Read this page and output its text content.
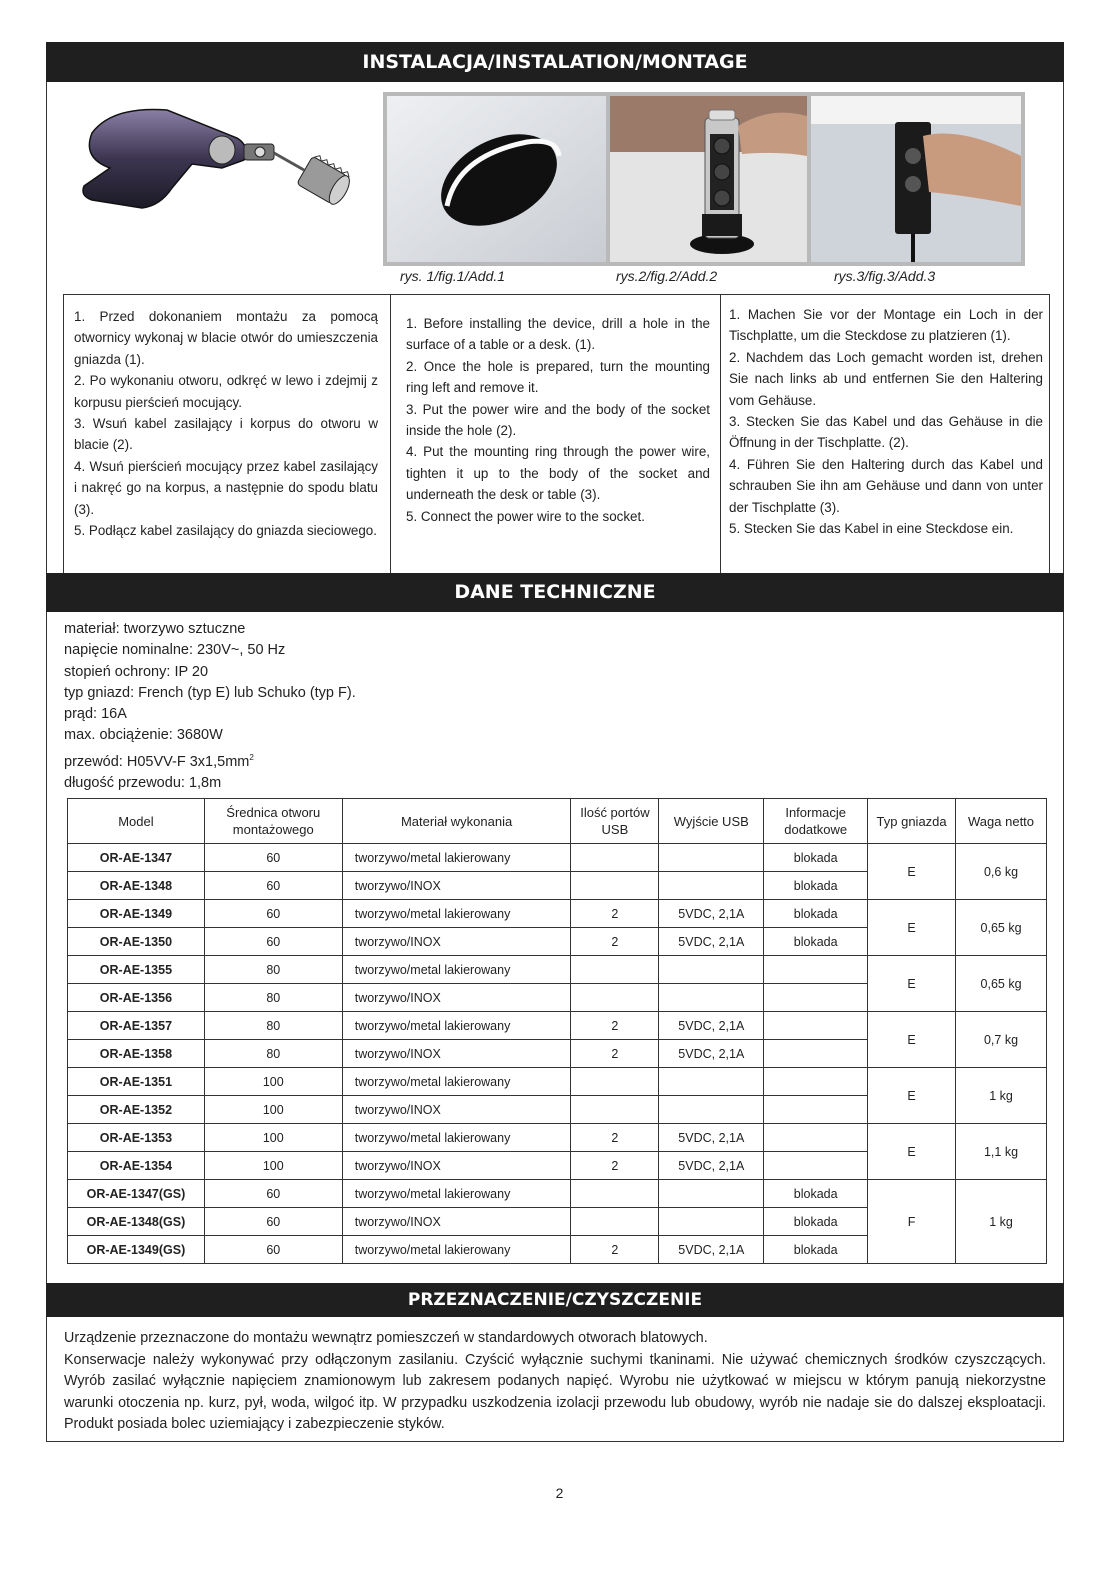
INSTALACJA/INSTALATION/MONTAGE
rys. 1/fig.1/Add.1	rys.2/fig.2/Add.2	rys.3/fig.3/Add.3

1. Przed dokonaniem montażu za pomocą otwornicy wykonaj w blacie otwór do umieszczenia gniazda (1).

2. Po wykonaniu otworu, odkręć w lewo i zdejmij z korpusu pierścień mocujący.

3. Wsuń kabel zasilający i korpus do otworu w blacie (2).

4. Wsuń pierścień mocujący przez kabel zasilający i nakręć go na korpus, a następnie do spodu blatu (3).

5. Podłącz kabel zasilający do gniazda sieciowego.

1. Before installing the device, drill a hole in the surface of a table or a desk. (1).

2. Once the hole is prepared, turn the mounting ring left and remove it.

3. Put the power wire and the body of the socket inside the hole (2).

4. Put the mounting ring through the power wire, tighten it up to the body of the socket and underneath the desk or table (3).

5. Connect the power wire to the socket.

1. Machen Sie vor der Montage ein Loch in der Tischplatte, um die Steckdose zu platzieren (1).

2. Nachdem das Loch gemacht worden ist, drehen Sie nach links ab und entfernen Sie den Haltering vom Gehäuse.

3. Stecken Sie das Kabel und das Gehäuse in die Öffnung in der Tischplatte. (2).

4. Führen Sie den Haltering durch das Kabel und schrauben Sie ihn am Gehäuse und dann von unter der Tischplatte (3).

5. Stecken Sie das Kabel in eine Steckdose ein.

DANE TECHNICZNE
materiał: tworzywo sztuczne
napięcie nominalne: 230V~, 50 Hz
stopień ochrony: IP 20
typ gniazd: French (typ E) lub Schuko (typ F).
prąd: 16A
max. obciążenie: 3680W
przewód: H05VV-F $3x1,5mm^2$
długość przewodu: 1,8m
Model	Średnica otworu montażowego	Materiał wykonania	Ilość portów USB	Wyjście USB	Informacje dodatkowe	Typ gniazda	Waga netto
OR-AE-1347	60	tworzywo/metal lakierowany			blokada	E	0,6 kg
OR-AE-1348	60	tworzywo/INOX			blokada		
OR-AE-1349	60	tworzywo/metal lakierowany	2	5VDC, 2,1A	blokada	E	0,65 kg
OR-AE-1350	60	tworzywo/INOX	2	5VDC, 2,1A	blokada		
OR-AE-1355	80	tworzywo/metal lakierowany				E	0,65 kg
OR-AE-1356	80	tworzywo/INOX					
OR-AE-1357	80	tworzywo/metal lakierowany	2	5VDC, 2,1A		E	0,7 kg
OR-AE-1358	80	tworzywo/INOX	2	5VDC, 2,1A			
OR-AE-1351	100	tworzywo/metal lakierowany				E	1 kg
OR-AE-1352	100	tworzywo/INOX					
OR-AE-1353	100	tworzywo/metal lakierowany	2	5VDC, 2,1A		E	1,1 kg
OR-AE-1354	100	tworzywo/INOX	2	5VDC, 2,1A			
OR-AE-1347(GS)	60	tworzywo/metal lakierowany			blokada	F	1 kg
OR-AE-1348(GS)	60	tworzywo/INOX			blokada		
OR-AE-1349(GS)	60	tworzywo/metal lakierowany	2	5VDC, 2,1A	blokada		
PRZEZNACZENIE/CZYSZCZENIE

Urządzenie przeznaczone do montażu wewnątrz pomieszczeń w standardowych otworach blatowych.

Konserwacje należy wykonywać przy odłączonym zasilaniu. Czyścić wyłącznie suchymi tkaninami. Nie używać chemicznych środków czyszczących. Wyrób zasilać wyłącznie napięciem znamionowym lub zakresem podanych napięć. Wyrobu nie użytkować w miejscu w którym panują niekorzystne warunki otoczenia np. kurz, pył, woda, wilgoć itp. W przypadku uszkodzenia izolacji przewodu lub obudowy, wyrób nie nadaje sie do dalszej eksploatacji. Produkt posiada bolec uziemiający i zabezpieczenie styków.

2
